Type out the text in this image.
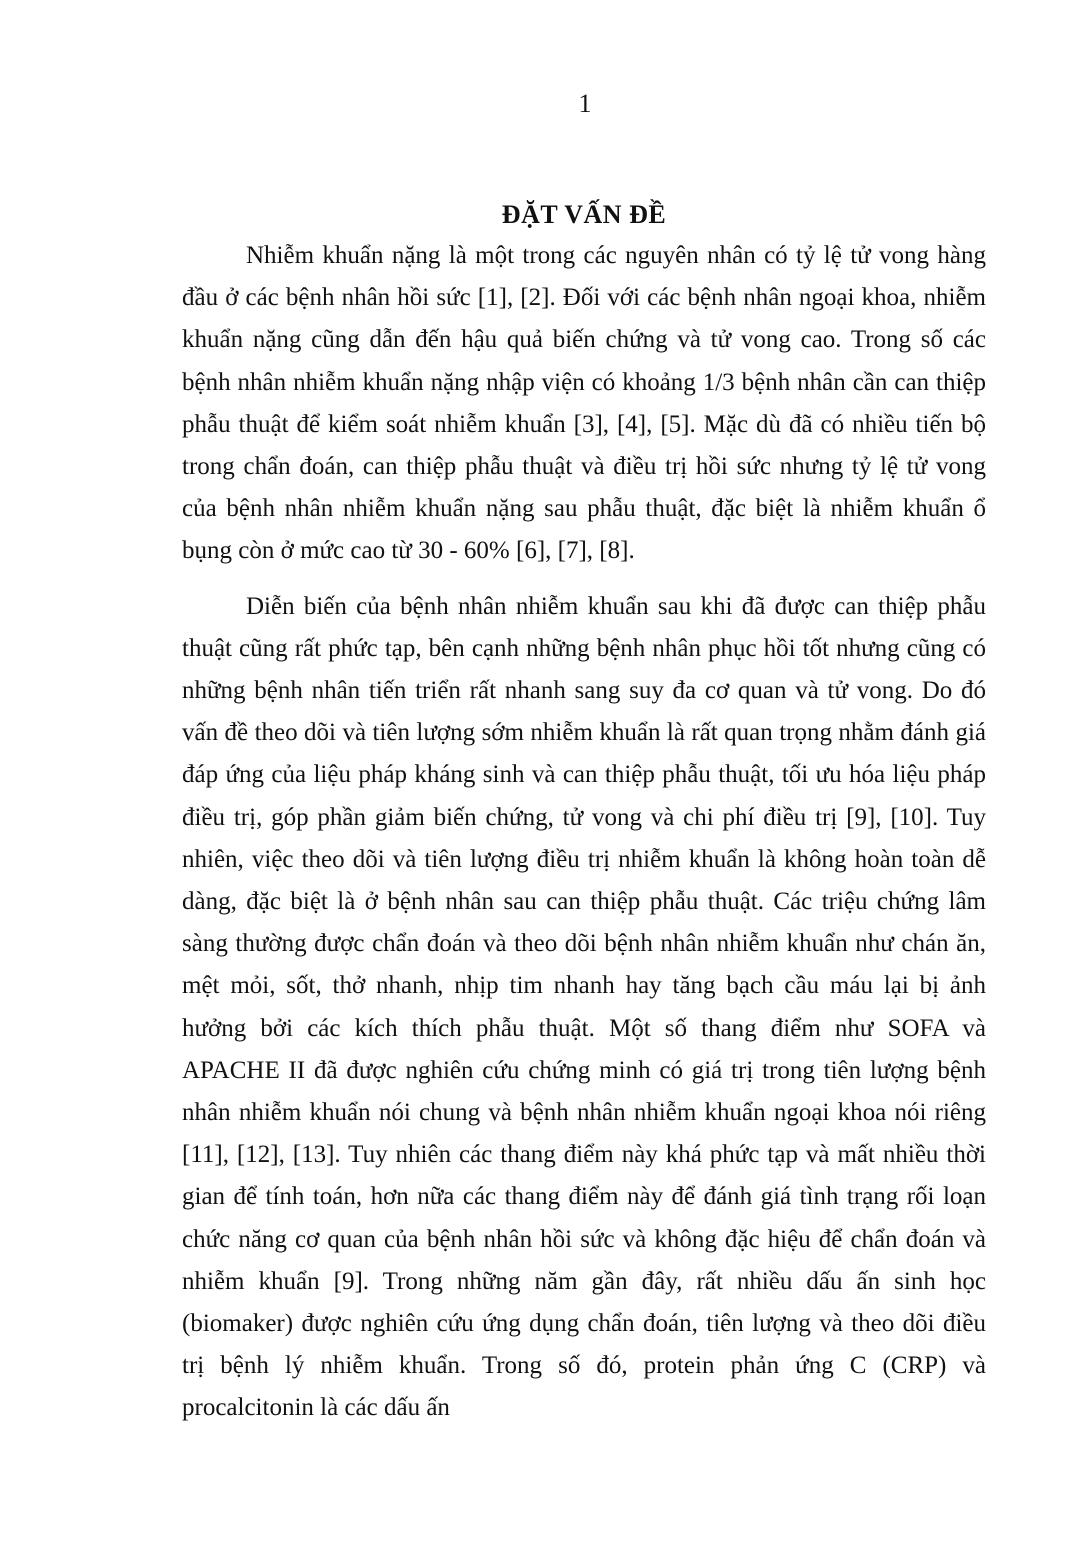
1
ĐẶT VẤN ĐỀ

Nhiễm khuẩn nặng là một trong các nguyên nhân có tỷ lệ tử vong hàng đầu ở các bệnh nhân hồi sức [1], [2]. Đối với các bệnh nhân ngoại khoa, nhiễm khuẩn nặng cũng dẫn đến hậu quả biến chứng và tử vong cao. Trong số các bệnh nhân nhiễm khuẩn nặng nhập viện có khoảng 1/3 bệnh nhân cần can thiệp phẫu thuật để kiểm soát nhiễm khuẩn [3], [4], [5]. Mặc dù đã có nhiều tiến bộ trong chẩn đoán, can thiệp phẫu thuật và điều trị hồi sức nhưng tỷ lệ tử vong của bệnh nhân nhiễm khuẩn nặng sau phẫu thuật, đặc biệt là nhiễm khuẩn ổ bụng còn ở mức cao từ 30 - 60% [6], [7], [8].

Diễn biến của bệnh nhân nhiễm khuẩn sau khi đã được can thiệp phẫu thuật cũng rất phức tạp, bên cạnh những bệnh nhân phục hồi tốt nhưng cũng có những bệnh nhân tiến triển rất nhanh sang suy đa cơ quan và tử vong. Do đó vấn đề theo dõi và tiên lượng sớm nhiễm khuẩn là rất quan trọng nhằm đánh giá đáp ứng của liệu pháp kháng sinh và can thiệp phẫu thuật, tối ưu hóa liệu pháp điều trị, góp phần giảm biến chứng, tử vong và chi phí điều trị [9], [10]. Tuy nhiên, việc theo dõi và tiên lượng điều trị nhiễm khuẩn là không hoàn toàn dễ dàng, đặc biệt là ở bệnh nhân sau can thiệp phẫu thuật. Các triệu chứng lâm sàng thường được chẩn đoán và theo dõi bệnh nhân nhiễm khuẩn như chán ăn, mệt mỏi, sốt, thở nhanh, nhịp tim nhanh hay tăng bạch cầu máu lại bị ảnh hưởng bởi các kích thích phẫu thuật. Một số thang điểm như SOFA và APACHE II đã được nghiên cứu chứng minh có giá trị trong tiên lượng bệnh nhân nhiễm khuẩn nói chung và bệnh nhân nhiễm khuẩn ngoại khoa nói riêng [11], [12], [13]. Tuy nhiên các thang điểm này khá phức tạp và mất nhiều thời gian để tính toán, hơn nữa các thang điểm này để đánh giá tình trạng rối loạn chức năng cơ quan của bệnh nhân hồi sức và không đặc hiệu để chẩn đoán và nhiễm khuẩn [9]. Trong những năm gần đây, rất nhiều dấu ấn sinh học (biomaker) được nghiên cứu ứng dụng chẩn đoán, tiên lượng và theo dõi điều trị bệnh lý nhiễm khuẩn. Trong số đó, protein phản ứng C (CRP) và procalcitonin là các dấu ấn
